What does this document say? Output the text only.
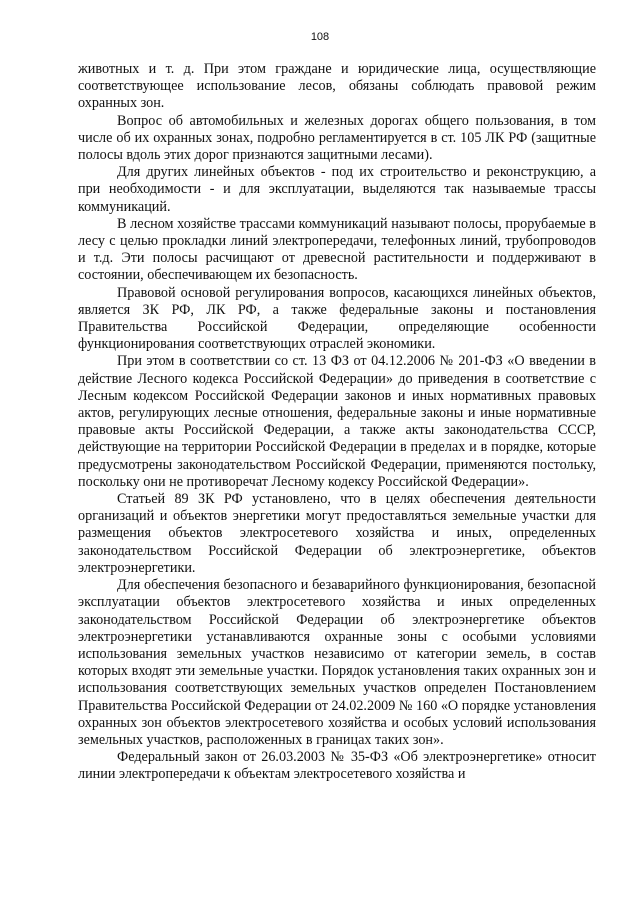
108

животных и т. д. При этом граждане и юридические лица, осуществляющие соответствующее использование лесов, обязаны соблюдать правовой режим охранных зон.

Вопрос об автомобильных и железных дорогах общего пользования, в том числе об их охранных зонах, подробно регламентируется в ст. 105 ЛК РФ (защитные полосы вдоль этих дорог признаются защитными лесами).

Для других линейных объектов - под их строительство и реконструкцию, а при необходимости - и для эксплуатации, выделяются так называемые трассы коммуникаций.

В лесном хозяйстве трассами коммуникаций называют полосы, прорубаемые в лесу с целью прокладки линий электропередачи, телефонных линий, трубопроводов и т.д. Эти полосы расчищают от древесной растительности и поддерживают в состоянии, обеспечивающем их безопасность.

Правовой основой регулирования вопросов, касающихся линейных объектов, является ЗК РФ, ЛК РФ, а также федеральные законы и постановления Правительства Российской Федерации, определяющие особенности функционирования соответствующих отраслей экономики.

При этом в соответствии со ст. 13 ФЗ от 04.12.2006 № 201-ФЗ «О введении в действие Лесного кодекса Российской Федерации» до приведения в соответствие с Лесным кодексом Российской Федерации законов и иных нормативных правовых актов, регулирующих лесные отношения, федеральные законы и иные нормативные правовые акты Российской Федерации, а также акты законодательства СССР, действующие на территории Российской Федерации в пределах и в порядке, которые предусмотрены законодательством Российской Федерации, применяются постольку, поскольку они не противоречат Лесному кодексу Российской Федерации».

Статьей 89 ЗК РФ установлено, что в целях обеспечения деятельности организаций и объектов энергетики могут предоставляться земельные участки для размещения объектов электросетевого хозяйства и иных, определенных законодательством Российской Федерации об электроэнергетике, объектов электроэнергетики.

Для обеспечения безопасного и безаварийного функционирования, безопасной эксплуатации объектов электросетевого хозяйства и иных определенных законодательством Российской Федерации об электроэнергетике объектов электроэнергетики устанавливаются охранные зоны с особыми условиями использования земельных участков независимо от категории земель, в состав которых входят эти земельные участки. Порядок установления таких охранных зон и использования соответствующих земельных участков определен Постановлением Правительства Российской Федерации от 24.02.2009 № 160 «О порядке установления охранных зон объектов электросетевого хозяйства и особых условий использования земельных участков, расположенных в границах таких зон».

Федеральный закон от 26.03.2003 № 35-ФЗ «Об электроэнергетике» относит линии электропередачи к объектам электросетевого хозяйства и
